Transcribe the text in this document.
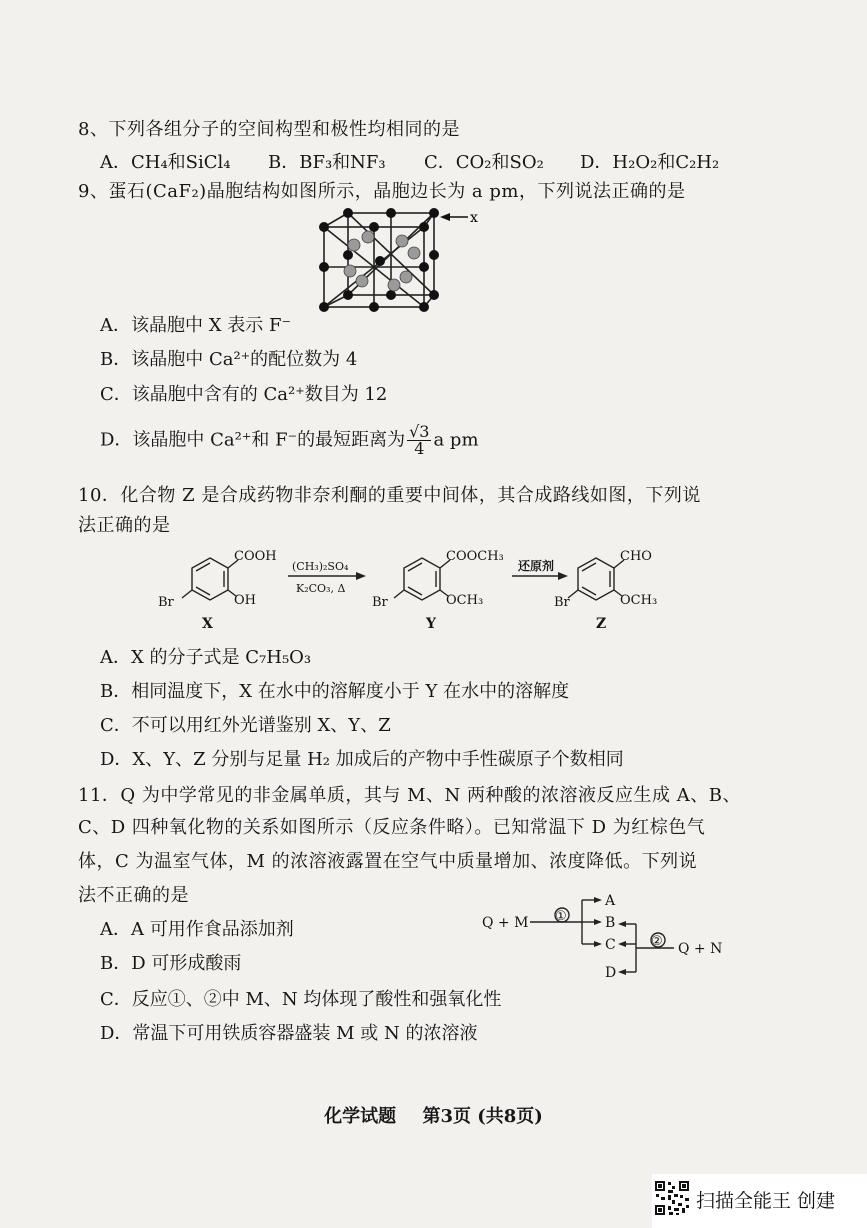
8、下列各组分子的空间构型和极性均相同的是
A．CH₄和SiCl₄ B．BF₃和NF₃ C．CO₂和SO₂ D．H₂O₂和C₂H₂
9、蛋石(CaF₂)晶胞结构如图所示，晶胞边长为 a pm，下列说法正确的是
x
A．该晶胞中 X 表示 F⁻
B．该晶胞中 Ca²⁺的配位数为 4
C．该晶胞中含有的 Ca²⁺数目为 12
D．该晶胞中 Ca²⁺和 F⁻的最短距离为 $\frac{√3}{4}$ a pm
10．化合物 Z 是合成药物非奈利酮的重要中间体，其合成路线如图，下列说
法正确的是
COOH
OH
Br
(CH₃)₂SO₄
K₂CO₃, Δ
COOCH₃
OCH₃
Br
还原剂
CHO
OCH₃
Br
X	Y	Z
A．X 的分子式是 C₇H₅O₃
B．相同温度下，X 在水中的溶解度小于 Y 在水中的溶解度
C．不可以用红外光谱鉴别 X、Y、Z
D．X、Y、Z 分别与足量 H₂ 加成后的产物中手性碳原子个数相同
11．Q 为中学常见的非金属单质，其与 M、N 两种酸的浓溶液反应生成 A、B、
C、D 四种氧化物的关系如图所示（反应条件略）。已知常温下 D 为红棕色气
体，C 为温室气体，M 的浓溶液露置在空气中质量增加、浓度降低。下列说
法不正确的是
A．A 可用作食品添加剂
B．D 可形成酸雨
C．反应①、②中 M、N 均体现了酸性和强氧化性
D．常温下可用铁质容器盛装 M 或 N 的浓溶液
Q + M ①
A
B
C
D
② Q + N
化学试题 第3页 (共8页)
扫描全能王 创建
